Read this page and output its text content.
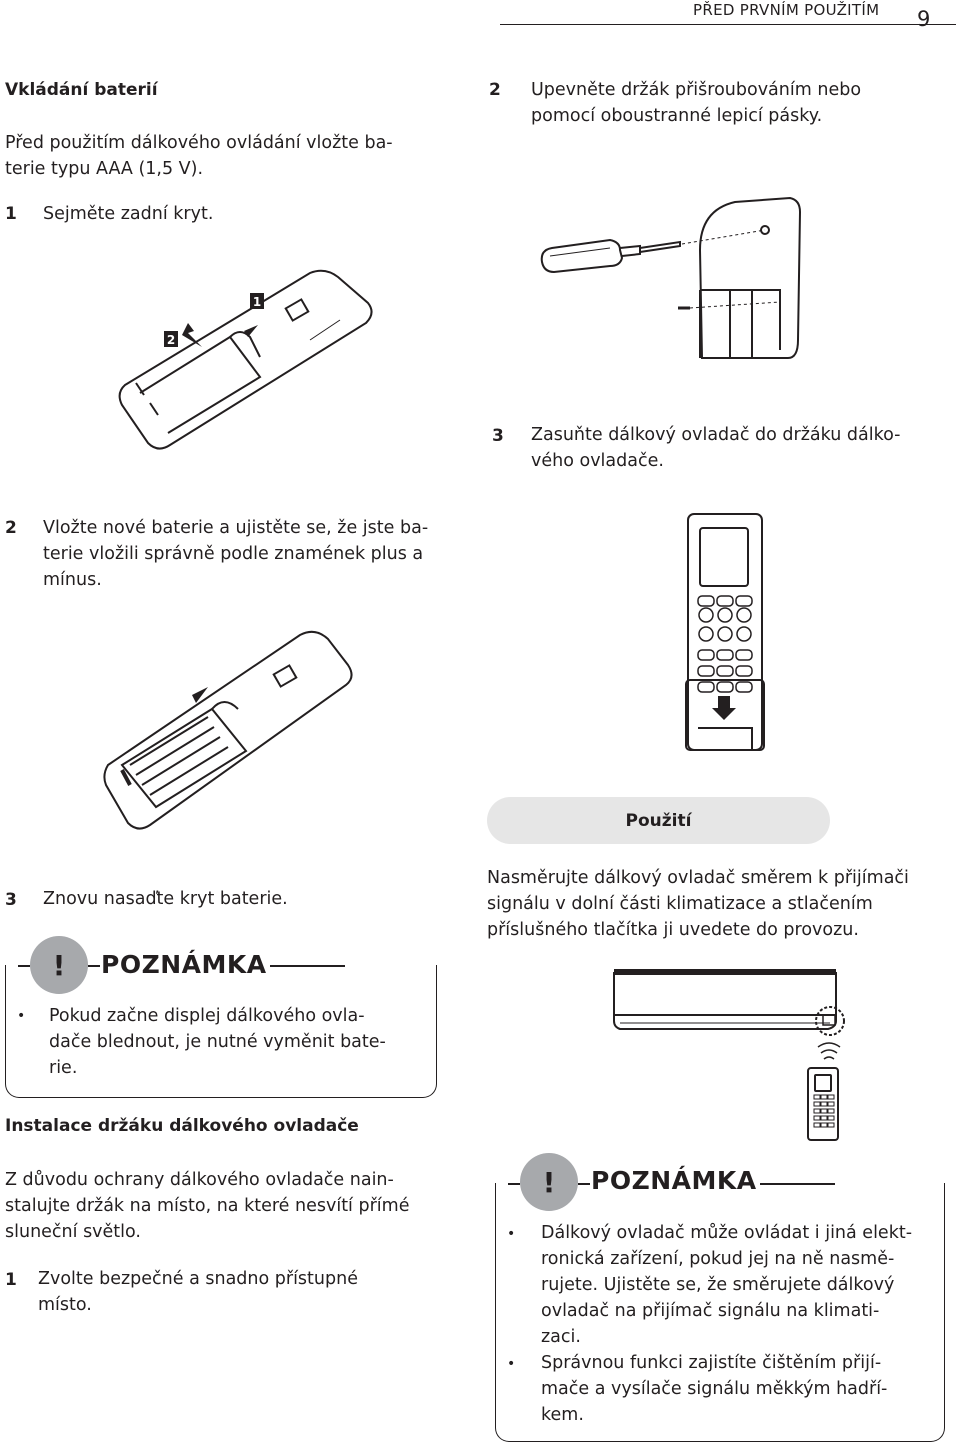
PŘED PRVNÍM POUŽITÍM 9
Vkládání baterií
Před použitím dálkového ovládání vložte ba-
terie typu AAA (1,5 V).
1 Sejměte zadní kryt.
1
2
2 Vložte nové baterie a ujistěte se, že jste ba-
terie vložili správně podle znamének plus a
mínus.
3 Znovu nasaďte kryt baterie.
!	POZNÁMKA
• Pokud začne displej dálkového ovla-
dače blednout, je nutné vyměnit bate-
rie.
Instalace držáku dálkového ovladače
Z důvodu ochrany dálkového ovladače nain-
stalujte držák na místo, na které nesvítí přímé
sluneční světlo.
1 Zvolte bezpečné a snadno přístupné
místo.
2 Upevněte držák přišroubováním nebo
pomocí oboustranné lepicí pásky.
3 Zasuňte dálkový ovladač do držáku dálko-
vého ovladače.
Použití
Nasměrujte dálkový ovladač směrem k přijímači
signálu v dolní části klimatizace a stlačením
příslušného tlačítka ji uvedete do provozu.
!	POZNÁMKA
• Dálkový ovladač může ovládat i jiná elekt-
ronická zařízení, pokud jej na ně nasmě-
rujete. Ujistěte se, že směrujete dálkový
ovladač na přijímač signálu na klimati-
zaci.
• Správnou funkci zajistíte čištěním přijí-
mače a vysílače signálu měkkým hadří-
kem.
